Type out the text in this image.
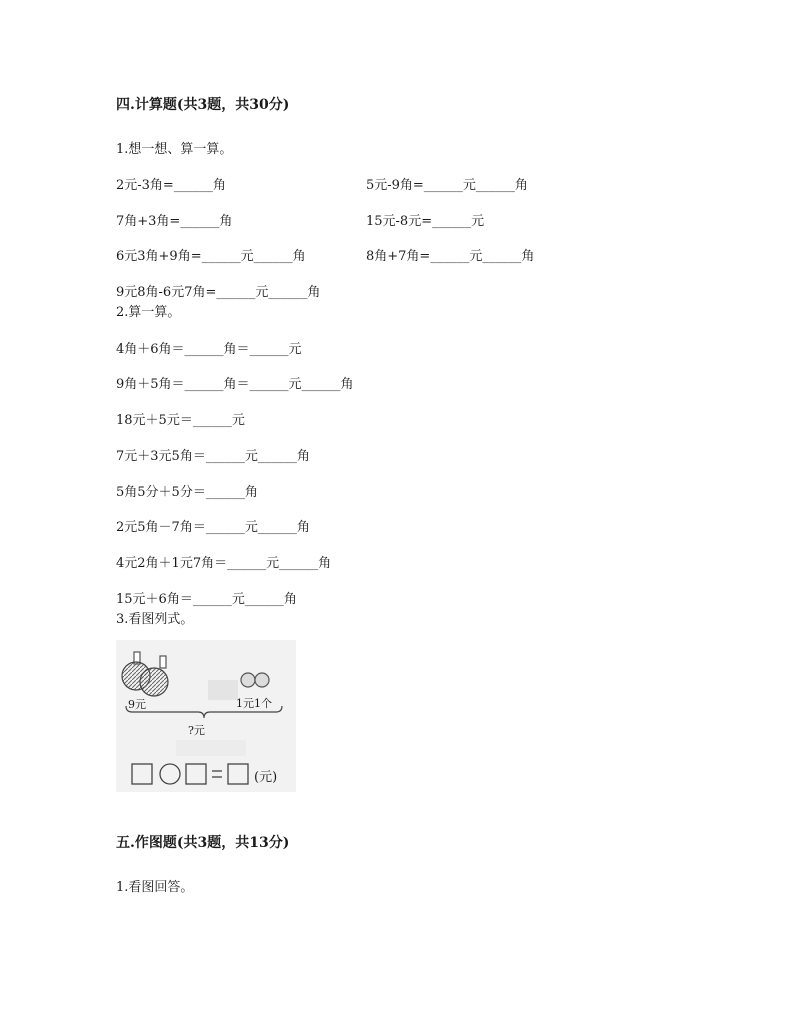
四.计算题(共3题，共30分)
1.想一想、算一算。
2元-3角=______角	5元-9角=______元______角
7角+3角=______角	15元-8元=______元
6元3角+9角=______元______角	8角+7角=______元______角
9元8角-6元7角=______元______角
2.算一算。
4角＋6角＝______角＝______元
9角＋5角＝______角＝______元______角
18元＋5元＝______元
7元＋3元5角＝______元______角
5角5分＋5分＝______角
2元5角－7角＝______元______角
4元2角＋1元7角＝______元______角
15元＋6角＝______元______角
3.看图列式。
9元	1元1个
?元
(元)
五.作图题(共3题，共13分)
1.看图回答。
